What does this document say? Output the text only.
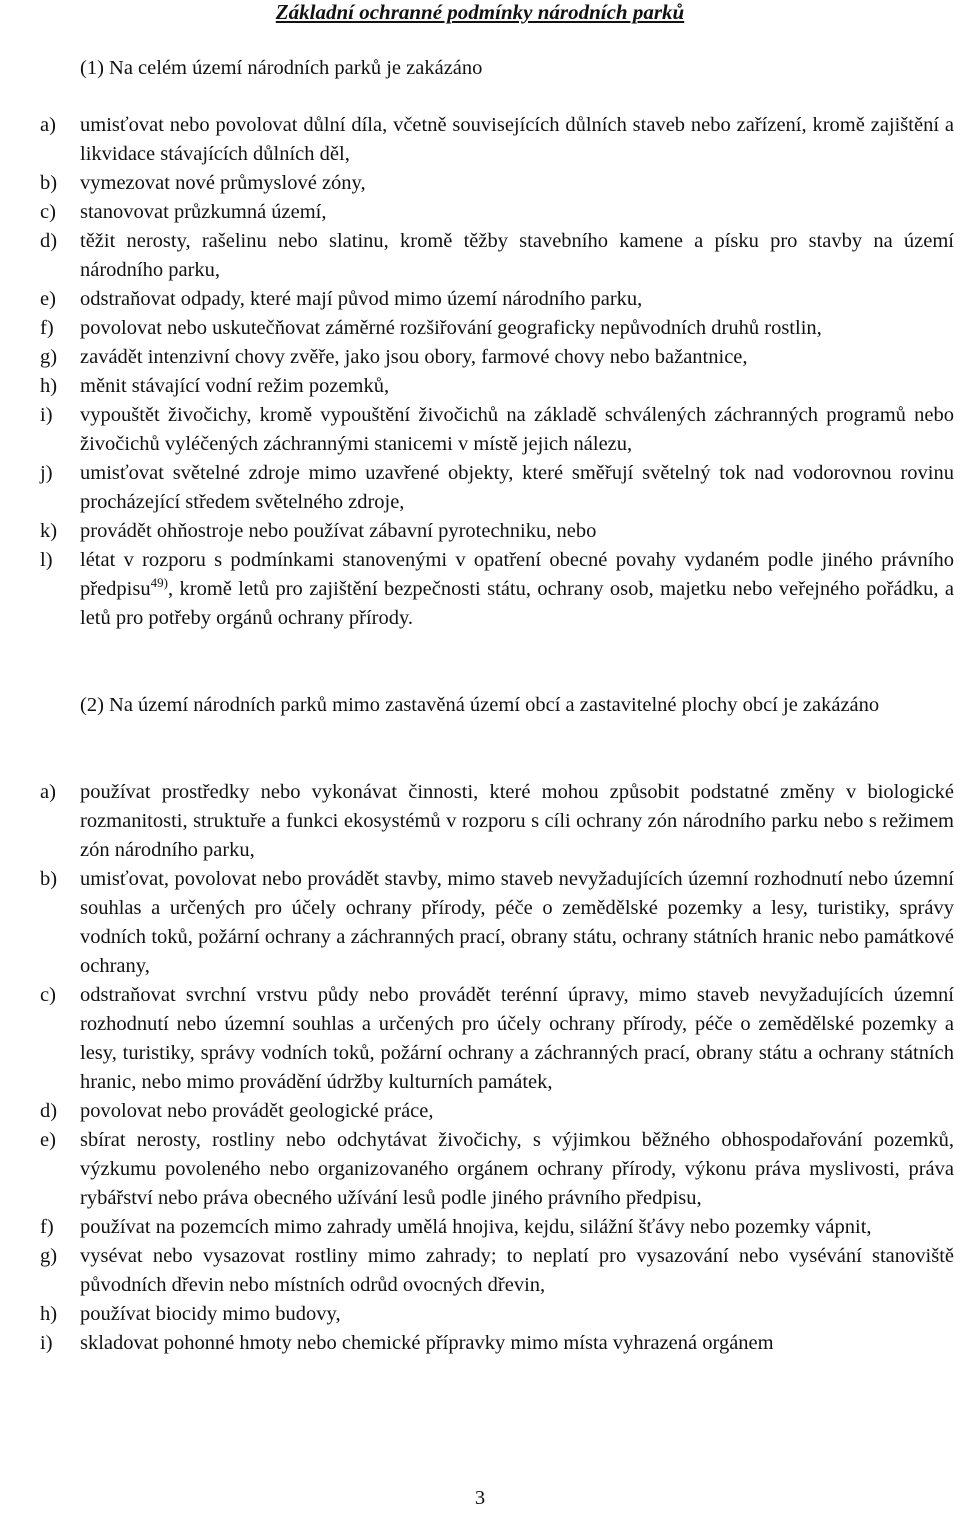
Základní ochranné podmínky národních parků

(1) Na celém území národních parků je zakázáno

a) umisťovat nebo povolovat důlní díla, včetně souvisejících důlních staveb nebo zařízení, kromě zajištění a likvidace stávajících důlních děl,
b) vymezovat nové průmyslové zóny,
c) stanovovat průzkumná území,
d) těžit nerosty, rašelinu nebo slatinu, kromě těžby stavebního kamene a písku pro stavby na území národního parku,
e) odstraňovat odpady, které mají původ mimo území národního parku,
f) povolovat nebo uskutečňovat záměrné rozšiřování geograficky nepůvodních druhů rostlin,
g) zavádět intenzivní chovy zvěře, jako jsou obory, farmové chovy nebo bažantnice,
h) měnit stávající vodní režim pozemků,
i) vypouštět živočichy, kromě vypouštění živočichů na základě schválených záchranných programů nebo živočichů vyléčených záchrannými stanicemi v místě jejich nálezu,
j) umisťovat světelné zdroje mimo uzavřené objekty, které směřují světelný tok nad vodorovnou rovinu procházející středem světelného zdroje,
k) provádět ohňostroje nebo používat zábavní pyrotechniku, nebo
l) létat v rozporu s podmínkami stanovenými v opatření obecné povahy vydaném podle jiného právního předpisu$^{49)}$, kromě letů pro zajištění bezpečnosti státu, ochrany osob, majetku nebo veřejného pořádku, a letů pro potřeby orgánů ochrany přírody.

(2) Na území národních parků mimo zastavěná území obcí a zastavitelné plochy obcí je zakázáno

a) používat prostředky nebo vykonávat činnosti, které mohou způsobit podstatné změny v biologické rozmanitosti, struktuře a funkci ekosystémů v rozporu s cíli ochrany zón národního parku nebo s režimem zón národního parku,
b) umisťovat, povolovat nebo provádět stavby, mimo staveb nevyžadujících územní rozhodnutí nebo územní souhlas a určených pro účely ochrany přírody, péče o zemědělské pozemky a lesy, turistiky, správy vodních toků, požární ochrany a záchranných prací, obrany státu, ochrany státních hranic nebo památkové ochrany,
c) odstraňovat svrchní vrstvu půdy nebo provádět terénní úpravy, mimo staveb nevyžadujících územní rozhodnutí nebo územní souhlas a určených pro účely ochrany přírody, péče o zemědělské pozemky a lesy, turistiky, správy vodních toků, požární ochrany a záchranných prací, obrany státu a ochrany státních hranic, nebo mimo provádění údržby kulturních památek,
d) povolovat nebo provádět geologické práce,
e) sbírat nerosty, rostliny nebo odchytávat živočichy, s výjimkou běžného obhospodařování pozemků, výzkumu povoleného nebo organizovaného orgánem ochrany přírody, výkonu práva myslivosti, práva rybářství nebo práva obecného užívání lesů podle jiného právního předpisu,
f) používat na pozemcích mimo zahrady umělá hnojiva, kejdu, silážní šťávy nebo pozemky vápnit,
g) vysévat nebo vysazovat rostliny mimo zahrady; to neplatí pro vysazování nebo vysévání stanoviště původních dřevin nebo místních odrůd ovocných dřevin,
h) používat biocidy mimo budovy,
i) skladovat pohonné hmoty nebo chemické přípravky mimo místa vyhrazená orgánem
3
